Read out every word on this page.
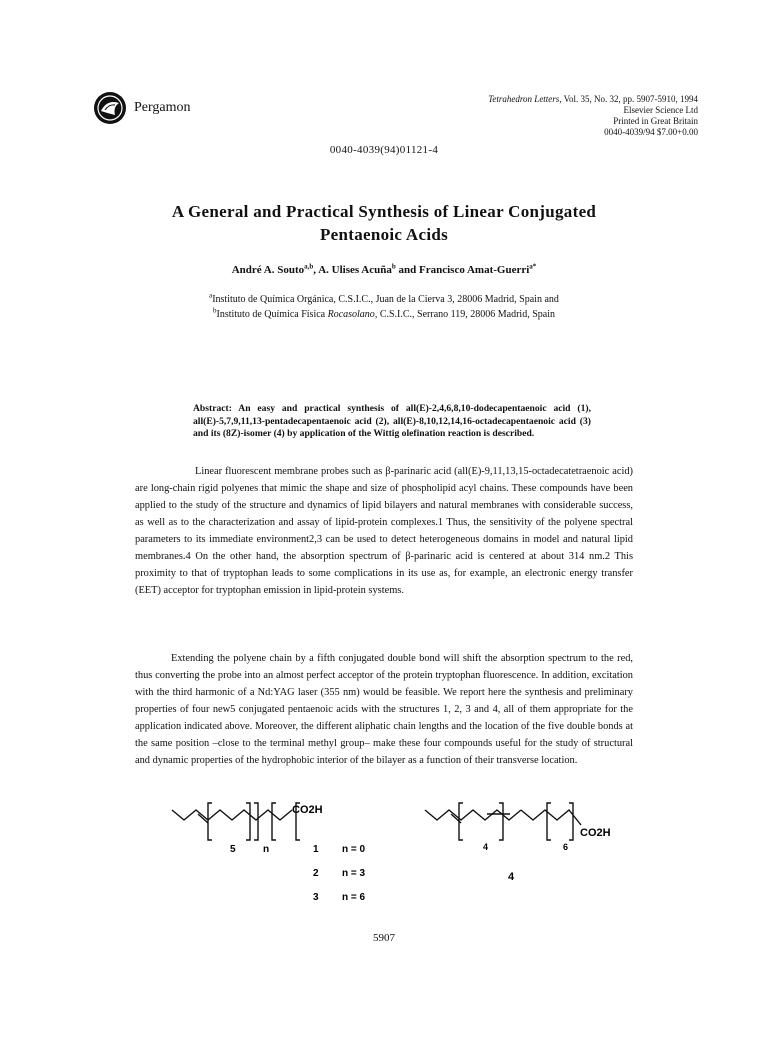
Pergamon
Tetrahedron Letters, Vol. 35, No. 32, pp. 5907-5910, 1994
Elsevier Science Ltd
Printed in Great Britain
0040-4039/94 $7.00+0.00
0040-4039(94)01121-4
A General and Practical Synthesis of Linear Conjugated
Pentaenoic Acids
André A. Souto$^{a,b}$, A. Ulises Acuña$^b$ and Francisco Amat-Guerri$^{a*}$
$^a$Instituto de Química Orgánica, C.S.I.C., Juan de la Cierva 3, 28006 Madrid, Spain and
$^b$Instituto de Química Física Rocasolano, C.S.I.C., Serrano 119, 28006 Madrid, Spain
Abstract: An easy and practical synthesis of all(E)-2,4,6,8,10-dodecapentaenoic acid (1), all(E)-5,7,9,11,13-pentadecapentaenoic acid (2), all(E)-8,10,12,14,16-octadecapentaenoic acid (3) and its (8Z)-isomer (4) by application of the Wittig olefination reaction is described.

Linear fluorescent membrane probes such as β-parinaric acid (all(E)-9,11,13,15-octadecatetraenoic acid) are long-chain rigid polyenes that mimic the shape and size of phospholipid acyl chains. These compounds have been applied to the study of the structure and dynamics of lipid bilayers and natural membranes with considerable success, as well as to the characterization and assay of lipid-protein complexes.1 Thus, the sensitivity of the polyene spectral parameters to its immediate environment2,3 can be used to detect heterogeneous domains in model and natural lipid membranes.4 On the other hand, the absorption spectrum of β-parinaric acid is centered at about 314 nm.2 This proximity to that of tryptophan leads to some complications in its use as, for example, an electronic energy transfer (EET) acceptor for tryptophan emission in lipid-protein systems.

Extending the polyene chain by a fifth conjugated double bond will shift the absorption spectrum to the red, thus converting the probe into an almost perfect acceptor of the protein tryptophan fluorescence. In addition, excitation with the third harmonic of a Nd:YAG laser (355 nm) would be feasible. We report here the synthesis and preliminary properties of four new5 conjugated pentaenoic acids with the structures 1, 2, 3 and 4, all of them appropriate for the application indicated above. Moreover, the different aliphatic chain lengths and the location of the five double bonds at the same position –close to the terminal methyl group– make these four compounds useful for the study of structural and dynamic properties of the hydrophobic interior of the bilayer as a function of their transverse location.

CO2H
5	n	1 n = 0
2 n = 3
3 n = 6
CO2H
4	6
4
5907
